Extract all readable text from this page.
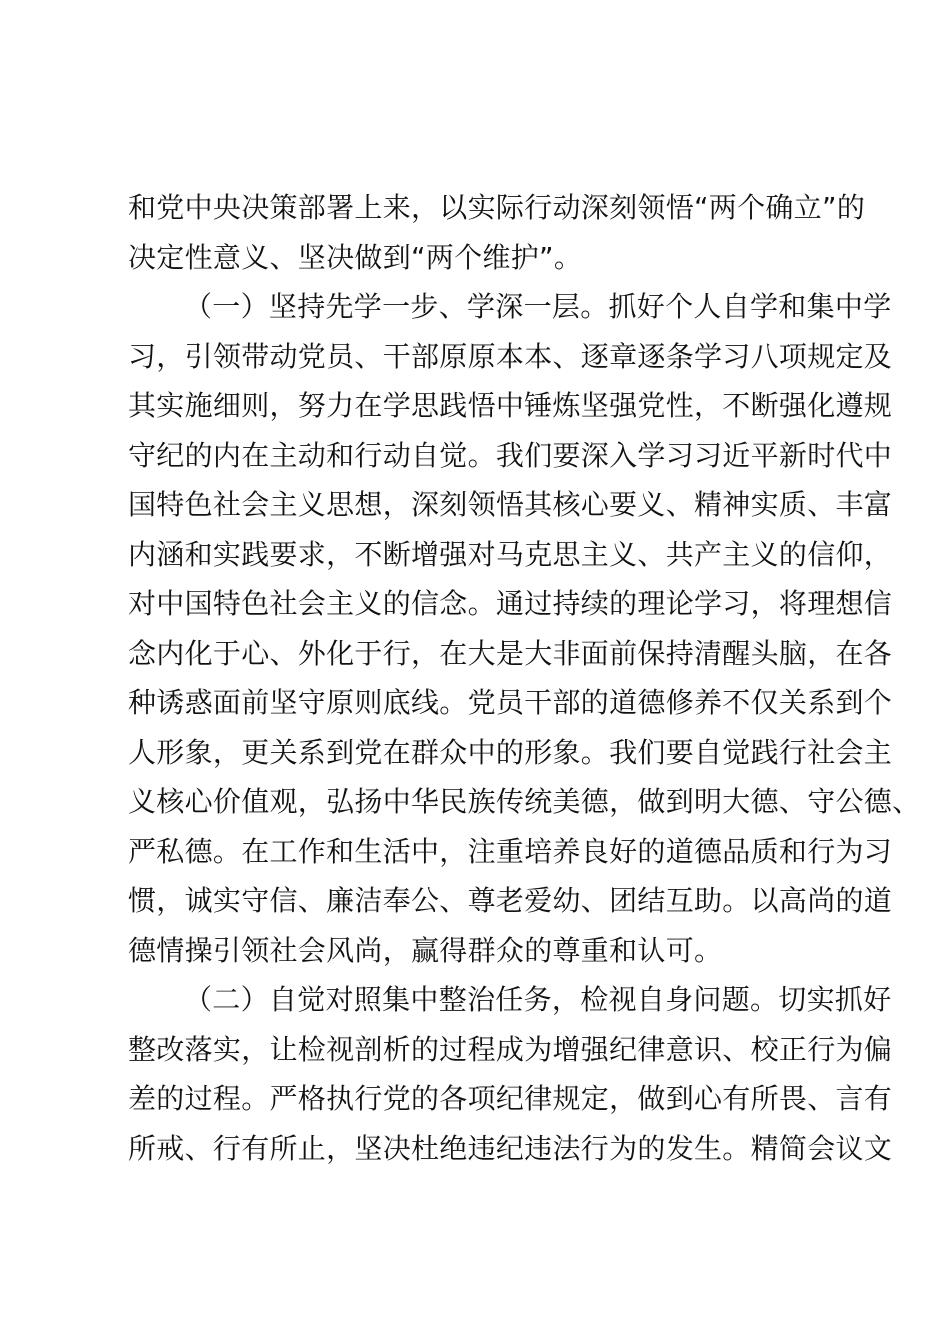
和党中央决策部署上来，以实际行动深刻领悟“两个确立”的
决定性意义、坚决做到“两个维护”。
（一）坚持先学一步、学深一层。抓好个人自学和集中学
习，引领带动党员、干部原原本本、逐章逐条学习八项规定及
其实施细则，努力在学思践悟中锤炼坚强党性，不断强化遵规
守纪的内在主动和行动自觉。我们要深入学习习近平新时代中
国特色社会主义思想，深刻领悟其核心要义、精神实质、丰富
内涵和实践要求，不断增强对马克思主义、共产主义的信仰，
对中国特色社会主义的信念。通过持续的理论学习，将理想信
念内化于心、外化于行，在大是大非面前保持清醒头脑，在各
种诱惑面前坚守原则底线。党员干部的道德修养不仅关系到个
人形象，更关系到党在群众中的形象。我们要自觉践行社会主
义核心价值观，弘扬中华民族传统美德，做到明大德、守公德、
严私德。在工作和生活中，注重培养良好的道德品质和行为习
惯，诚实守信、廉洁奉公、尊老爱幼、团结互助。以高尚的道
德情操引领社会风尚，赢得群众的尊重和认可。
（二）自觉对照集中整治任务，检视自身问题。切实抓好
整改落实，让检视剖析的过程成为增强纪律意识、校正行为偏
差的过程。严格执行党的各项纪律规定，做到心有所畏、言有
所戒、行有所止，坚决杜绝违纪违法行为的发生。精简会议文
